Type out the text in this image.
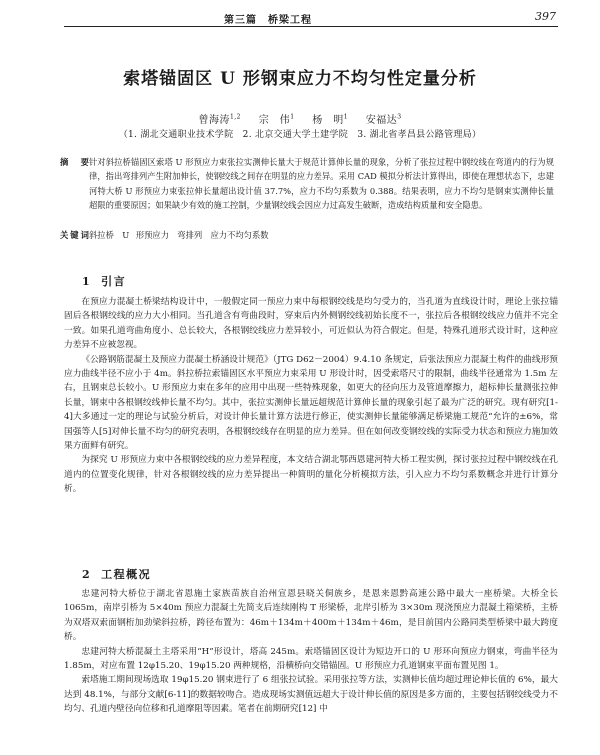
第三篇　桥梁工程	397
索塔锚固区 U 形钢束应力不均匀性定量分析
曾海涛$^{1,2}$ 宗　伟$^1$ 杨　明$^1$ 安福达$^3$
（1. 湖北交通职业技术学院　2. 北京交通大学土建学院　3. 湖北省孝昌县公路管理局）
摘　要
针对斜拉桥锚固区索塔 U 形预应力束张拉实测伸长量大于规范计算伸长量的现象，分析了张拉过程中钢绞线在弯道内的行为规律，指出弯排列产生附加伸长，使钢绞线之间存在明显的应力差异。采用 CAD 模拟分析法计算得出，即使在理想状态下，忠建河特大桥 U 形预应力束张拉伸长量超出设计值 37.7%，应力不均匀系数为 0.388。结果表明，应力不均匀是钢束实测伸长量超限的重要原因；如果缺少有效的施工控制，少量钢绞线会因应力过高发生破断，造成结构质量和安全隐患。
关键词
斜拉桥　U 形预应力　弯排列　应力不均匀系数
1 引言

在预应力混凝土桥梁结构设计中，一般假定同一预应力束中每根钢绞线是均匀受力的，当孔道为直线设计时，理论上张拉锚固后各根钢绞线的应力大小相同。当孔道含有弯曲段时，穿束后内外侧钢绞线初始长度不一，张拉后各根钢绞线应力值并不完全一致。如果孔道弯曲角度小、总长较大，各根钢绞线应力差异较小，可近似认为符合假定。但是，特殊孔道形式设计时，这种应力差异不应被忽视。

《公路钢筋混凝土及预应力混凝土桥涵设计规范》（JTG D62－2004）9.4.10 条规定，后张法预应力混凝土构件的曲线形预应力曲线半径不应小于 4m。斜拉桥拉索锚固区水平预应力束采用 U 形设计时，因受索塔尺寸的限制，曲线半径通常为 1.5m 左右，且钢束总长较小。U 形预应力束在多年的应用中出现一些特殊现象，如更大的径向压力及管道摩擦力，超标伸长量测张拉伸长量，钢束中各根钢绞线伸长量不均匀。其中，张拉实测伸长量远超规范计算伸长量的现象引起了最为广泛的研究。现有研究[1-4]大多通过一定的理论与试验分析后，对设计伸长量计算方法进行修正，使实测伸长量能够满足桥梁施工规范“允许的±6%，常国强等人[5]对伸长量不均匀的研究表明，各根钢绞线存在明显的应力差异。但在如何改变钢绞线的实际受力状态和预应力施加效果方面鲜有研究。

为探究 U 形预应力束中各根钢绞线的应力差异程度，本文结合湖北鄂西恩建河特大桥工程实例，探讨张拉过程中钢绞线在孔道内的位置变化规律，针对各根钢绞线的应力差异提出一种简明的量化分析模拟方法，引入应力不均匀系数概念并进行计算分析。

2 工程概况

忠建河特大桥位于湖北省恩施土家族苗族自治州宣恩县晓关侗族乡，是恩来恩黔高速公路中最大一座桥梁。大桥全长 1065m，南岸引桥为 5×40m 预应力混凝土先简支后连续刚构 T 形梁桥，北岸引桥为 3×30m 现浇预应力混凝土箱梁桥，主桥为双塔双索面钢桁加劲梁斜拉桥，跨径布置为：46m＋134m＋400m＋134m＋46m，是目前国内公路同类型桥梁中最大跨度桥。

忠建河特大桥混凝土主塔采用“H”形设计，塔高 245m。索塔锚固区设计为短边开口的 U 形环向预应力钢束，弯曲半径为 1.85m，对应布置 12φ15.20、19φ15.20 两种规格，沿横桥向交错锚固。U 形预应力孔道钢束平面布置见图 1。

索塔施工期间现场选取 19φ15.20 钢束进行了 6 组张拉试验。采用张拉等方法，实测伸长值均超过理论伸长值的 6%，最大达到 48.1%，与部分文献[6-11]的数据较吻合。造成现场实测值远超大于设计伸长值的原因是多方面的，主要包括钢绞线受力不均匀、孔道内壁径向位移和孔道摩阻等因素。笔者在前期研究[12] 中
